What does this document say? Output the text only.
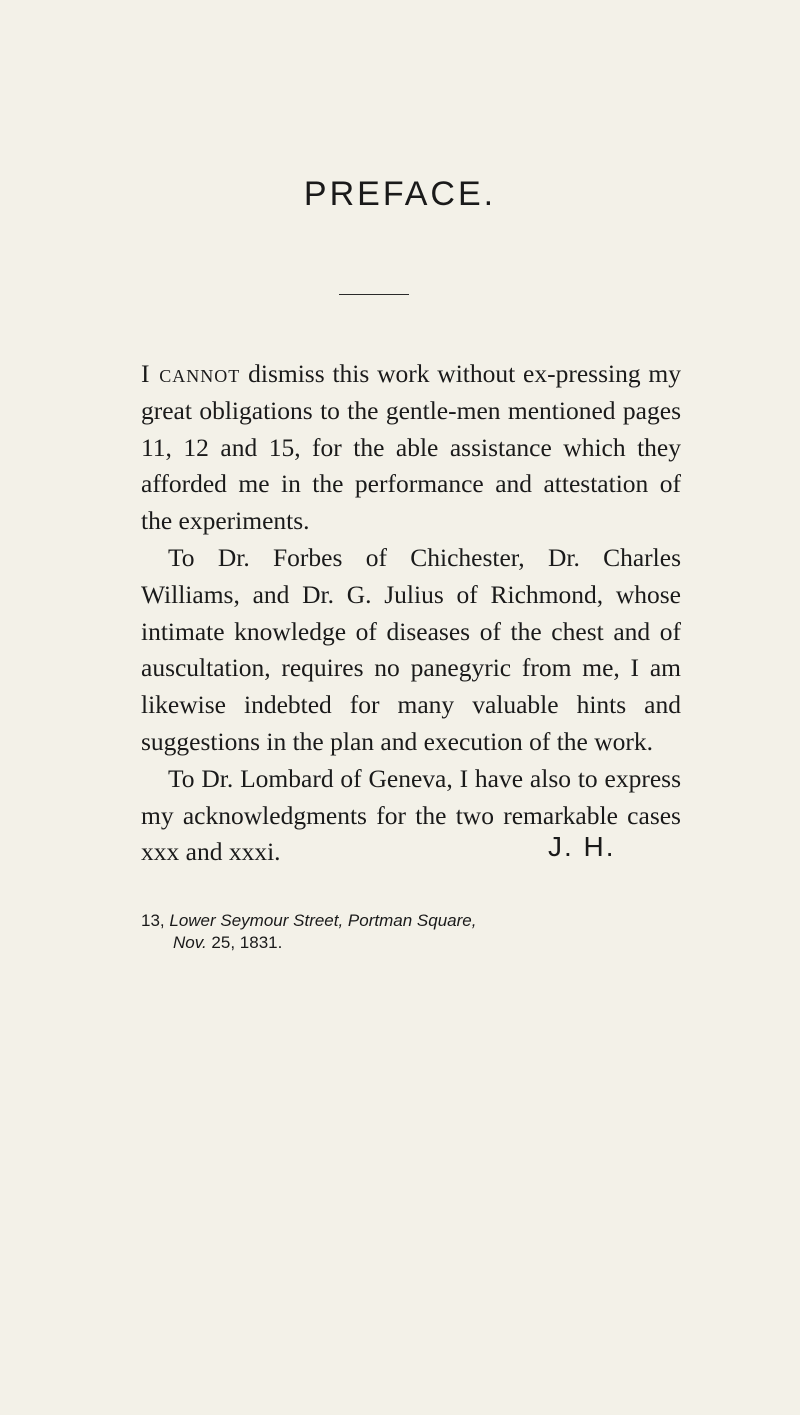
PREFACE.

I cannot dismiss this work without ex-pressing my great obligations to the gentle-men mentioned pages 11, 12 and 15, for the able assistance which they afforded me in the performance and attestation of the experiments.

To Dr. Forbes of Chichester, Dr. Charles Williams, and Dr. G. Julius of Richmond, whose intimate knowledge of diseases of the chest and of auscultation, requires no panegyric from me, I am likewise indebted for many valuable hints and suggestions in the plan and execution of the work.

To Dr. Lombard of Geneva, I have also to express my acknowledgments for the two remarkable cases xxx and xxxi.	J. H.
13, Lower Seymour Street, Portman Square,
Nov. 25, 1831.
